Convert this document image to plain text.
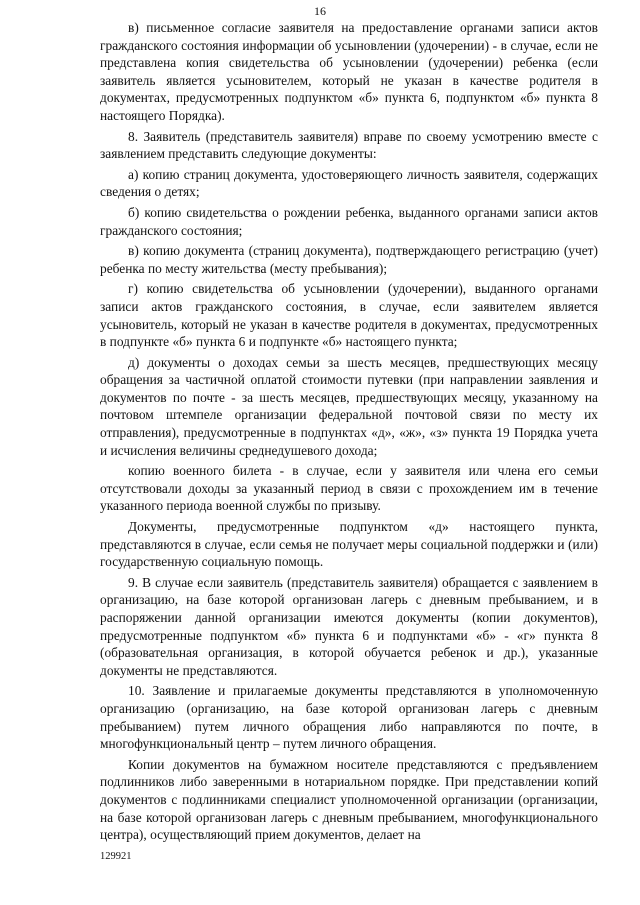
16

в) письменное согласие заявителя на предоставление органами записи актов гражданского состояния информации об усыновлении (удочерении) - в случае, если не представлена копия свидетельства об усыновлении (удочерении) ребенка (если заявитель является усыновителем, который не указан в качестве родителя в документах, предусмотренных подпунктом «б» пункта 6, подпунктом «б» пункта 8 настоящего Порядка).

8. Заявитель (представитель заявителя) вправе по своему усмотрению вместе с заявлением представить следующие документы:

а) копию страниц документа, удостоверяющего личность заявителя, содержащих сведения о детях;

б) копию свидетельства о рождении ребенка, выданного органами записи актов гражданского состояния;

в) копию документа (страниц документа), подтверждающего регистрацию (учет) ребенка по месту жительства (месту пребывания);

г) копию свидетельства об усыновлении (удочерении), выданного органами записи актов гражданского состояния, в случае, если заявителем является усыновитель, который не указан в качестве родителя в документах, предусмотренных в подпункте «б» пункта 6 и подпункте «б» настоящего пункта;

д) документы о доходах семьи за шесть месяцев, предшествующих месяцу обращения за частичной оплатой стоимости путевки (при направлении заявления и документов по почте - за шесть месяцев, предшествующих месяцу, указанному на почтовом штемпеле организации федеральной почтовой связи по месту их отправления), предусмотренные в подпунктах «д», «ж», «з» пункта 19 Порядка учета и исчисления величины среднедушевого дохода;

копию военного билета - в случае, если у заявителя или члена его семьи отсутствовали доходы за указанный период в связи с прохождением им в течение указанного периода военной службы по призыву.

Документы, предусмотренные подпунктом «д» настоящего пункта, представляются в случае, если семья не получает меры социальной поддержки и (или) государственную социальную помощь.

9. В случае если заявитель (представитель заявителя) обращается с заявлением в организацию, на базе которой организован лагерь с дневным пребыванием, и в распоряжении данной организации имеются документы (копии документов), предусмотренные подпунктом «б» пункта 6 и подпунктами «б» - «г» пункта 8 (образовательная организация, в которой обучается ребенок и др.), указанные документы не представляются.

10. Заявление и прилагаемые документы представляются в уполномоченную организацию (организацию, на базе которой организован лагерь с дневным пребыванием) путем личного обращения либо направляются по почте, в многофункциональный центр – путем личного обращения.

Копии документов на бумажном носителе представляются с предъявлением подлинников либо заверенными в нотариальном порядке. При представлении копий документов с подлинниками специалист уполномоченной организации (организации, на базе которой организован лагерь с дневным пребыванием, многофункционального центра), осуществляющий прием документов, делает на

129921
